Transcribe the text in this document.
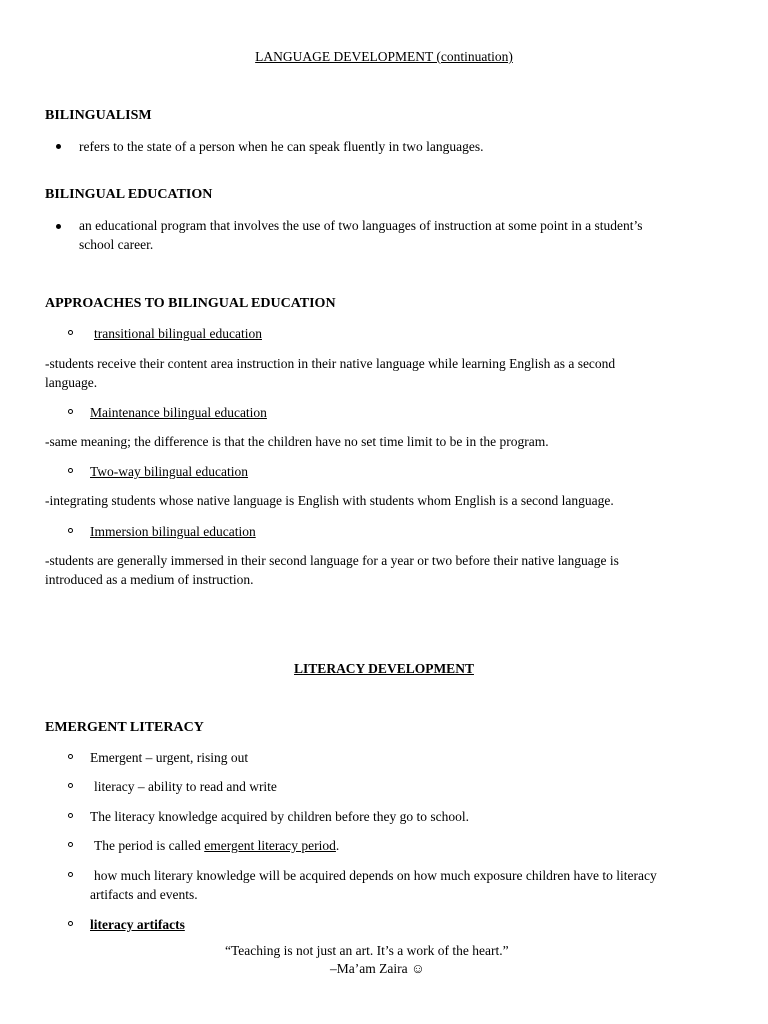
LANGUAGE DEVELOPMENT (continuation)
BILINGUALISM
refers to the state of a person when he can speak fluently in two languages.
BILINGUAL EDUCATION
an educational program that involves the use of two languages of instruction at some point in a student’s
school career.
APPROACHES TO BILINGUAL EDUCATION
transitional bilingual education
-students receive their content area instruction in their native language while learning English as a second
language.
Maintenance bilingual education
-same meaning; the difference is that the children have no set time limit to be in the program.
Two-way bilingual education
-integrating students whose native language is English with students whom English is a second language.
Immersion bilingual education
-students are generally immersed in their second language for a year or two before their native language is
introduced as a medium of instruction.
LITERACY DEVELOPMENT
EMERGENT LITERACY
Emergent – urgent, rising out
literacy – ability to read and write
The literacy knowledge acquired by children before they go to school.
The period is called emergent literacy period.
how much literary knowledge will be acquired depends on how much exposure children have to literacy
artifacts and events.
literacy artifacts
“Teaching is not just an art. It’s a work of the heart.”
–Ma’am Zaira ☺
